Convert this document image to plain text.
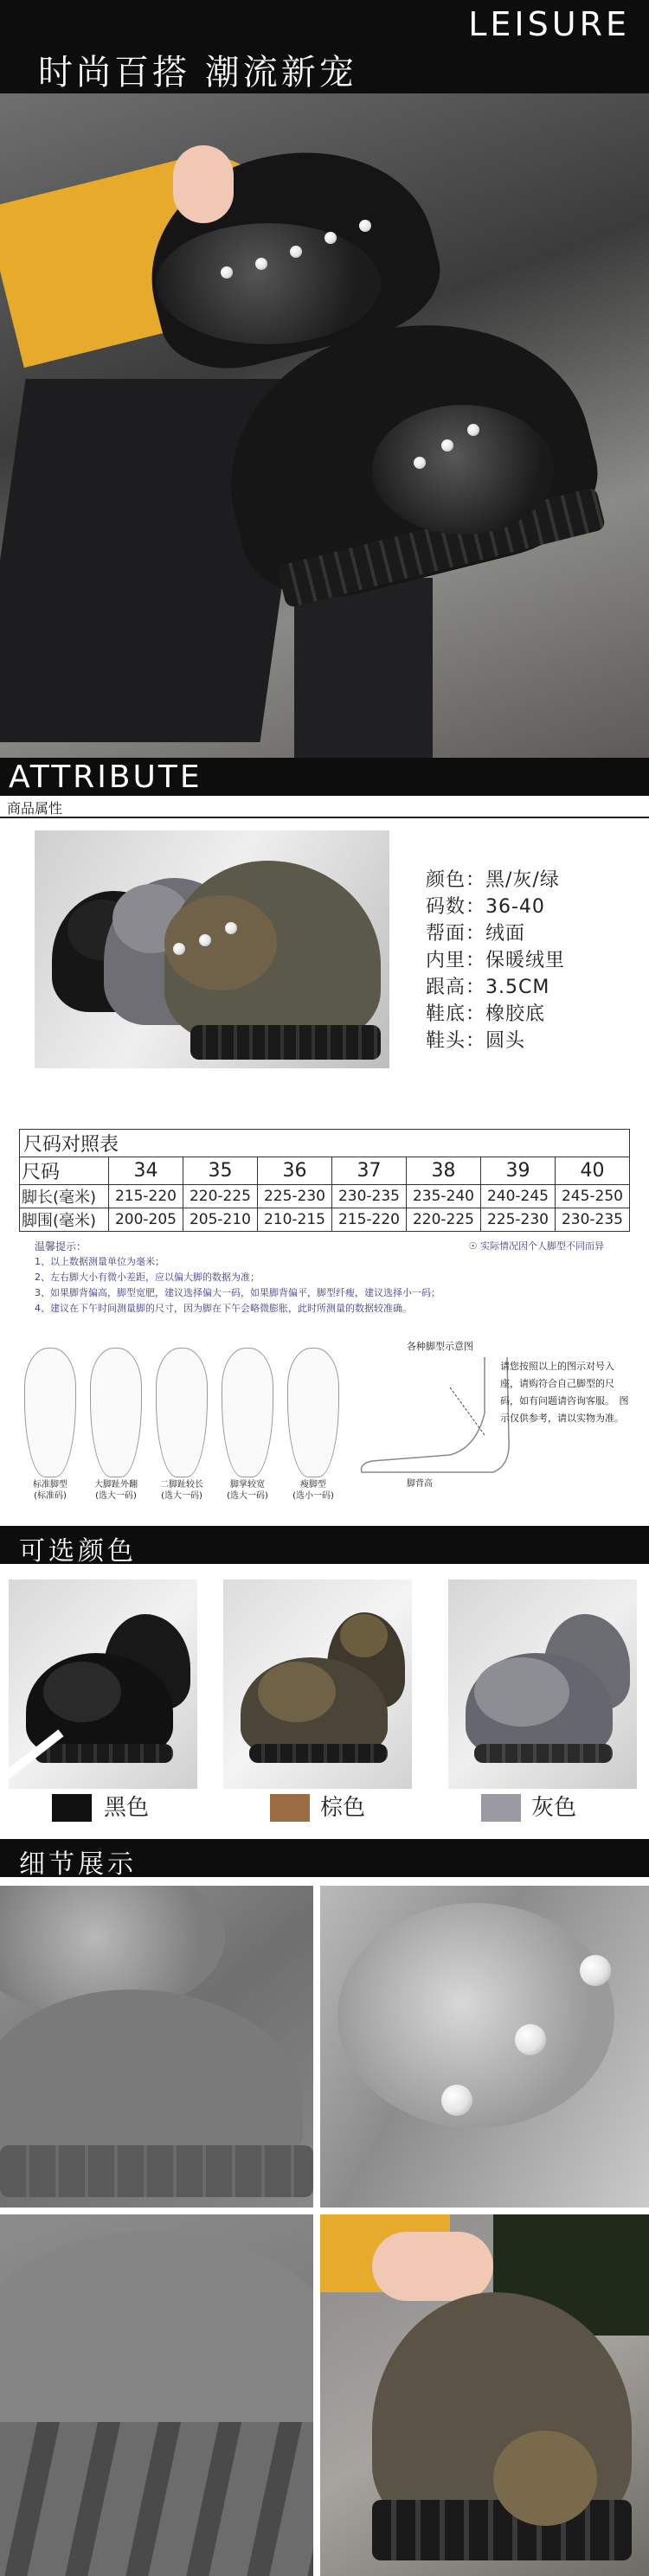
时尚百搭 潮流新宠
LEISURE
ATTRIBUTE
商品属性
颜色：黑/灰/绿
码数：36-40
帮面：绒面
内里：保暖绒里
跟高：3.5CM
鞋底：橡胶底
鞋头：圆头
尺码对照表							
尺码	34	35	36	37	38	39	40
脚长(毫米)	215-220	220-225	225-230	230-235	235-240	240-245	245-250
脚围(毫米)	200-205	205-210	210-215	215-220	220-225	225-230	230-235
温馨提示：	☉ 实际情况因个人脚型不同而异
1、以上数据测量单位为毫米；
2、左右脚大小有微小差距，应以偏大脚的数据为准；
3、如果脚背偏高，脚型宽肥，建议选择偏大一码，如果脚背偏平，脚型纤瘦，建议选择小一码；
4、建议在下午时间测量脚的尺寸，因为脚在下午会略微膨胀，此时所测量的数据较准确。
标准脚型
(标准码)
大脚趾外翻
(选大一码)
二脚趾较长
(选大一码)
脚掌较宽
(选大一码)
瘦脚型
(选小一码)
各种脚型示意图
脚背高
请您按照以上的图示对号入座，请购符合自己脚型的尺码，如有问题请咨询客服。　图示仅供参考，请以实物为准。
可选颜色
黑色	棕色	灰色
细节展示
